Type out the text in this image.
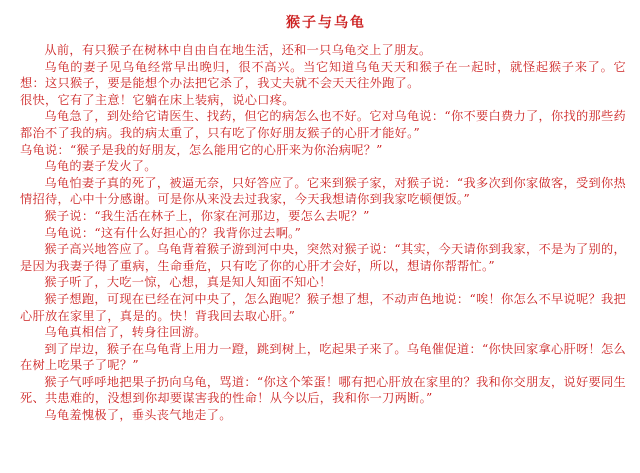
猴子与乌龟

从前，有只猴子在树林中自由自在地生活，还和一只乌龟交上了朋友。

乌龟的妻子见乌龟经常早出晚归，很不高兴。当它知道乌龟天天和猴子在一起时，就怪起猴子来了。它想：这只猴子，要是能想个办法把它杀了，我丈夫就不会天天往外跑了。

很快，它有了主意！它躺在床上装病，说心口疼。

乌龟急了，到处给它请医生、找药，但它的病怎么也不好。它对乌龟说：“你不要白费力了，你找的那些药都治不了我的病。我的病太重了，只有吃了你好朋友猴子的心肝才能好。”

乌龟说：“猴子是我的好朋友，怎么能用它的心肝来为你治病呢？”

乌龟的妻子发火了。

乌龟怕妻子真的死了，被逼无奈，只好答应了。它来到猴子家，对猴子说：“我多次到你家做客，受到你热情招待，心中十分感谢。可是你从来没去过我家，今天我想请你到我家吃顿便饭。”

猴子说：“我生活在林子上，你家在河那边，要怎么去呢？”

乌龟说：“这有什么好担心的？我背你过去啊。”

猴子高兴地答应了。乌龟背着猴子游到河中央，突然对猴子说：“其实，今天请你到我家，不是为了别的，是因为我妻子得了重病，生命垂危，只有吃了你的心肝才会好，所以，想请你帮帮忙。”

猴子听了，大吃一惊，心想，真是知人知面不知心！

猴子想跑，可现在已经在河中央了，怎么跑呢？猴子想了想，不动声色地说：“唉！你怎么不早说呢？我把心肝放在家里了，真是的。快！背我回去取心肝。”

乌龟真相信了，转身往回游。

到了岸边，猴子在乌龟背上用力一蹬，跳到树上，吃起果子来了。乌龟催促道：“你快回家拿心肝呀！怎么在树上吃果子了呢？”

猴子气呼呼地把果子扔向乌龟，骂道：“你这个笨蛋！哪有把心肝放在家里的？我和你交朋友，说好要同生死、共患难的，没想到你却要谋害我的性命！从今以后，我和你一刀两断。”

乌龟羞愧极了，垂头丧气地走了。
